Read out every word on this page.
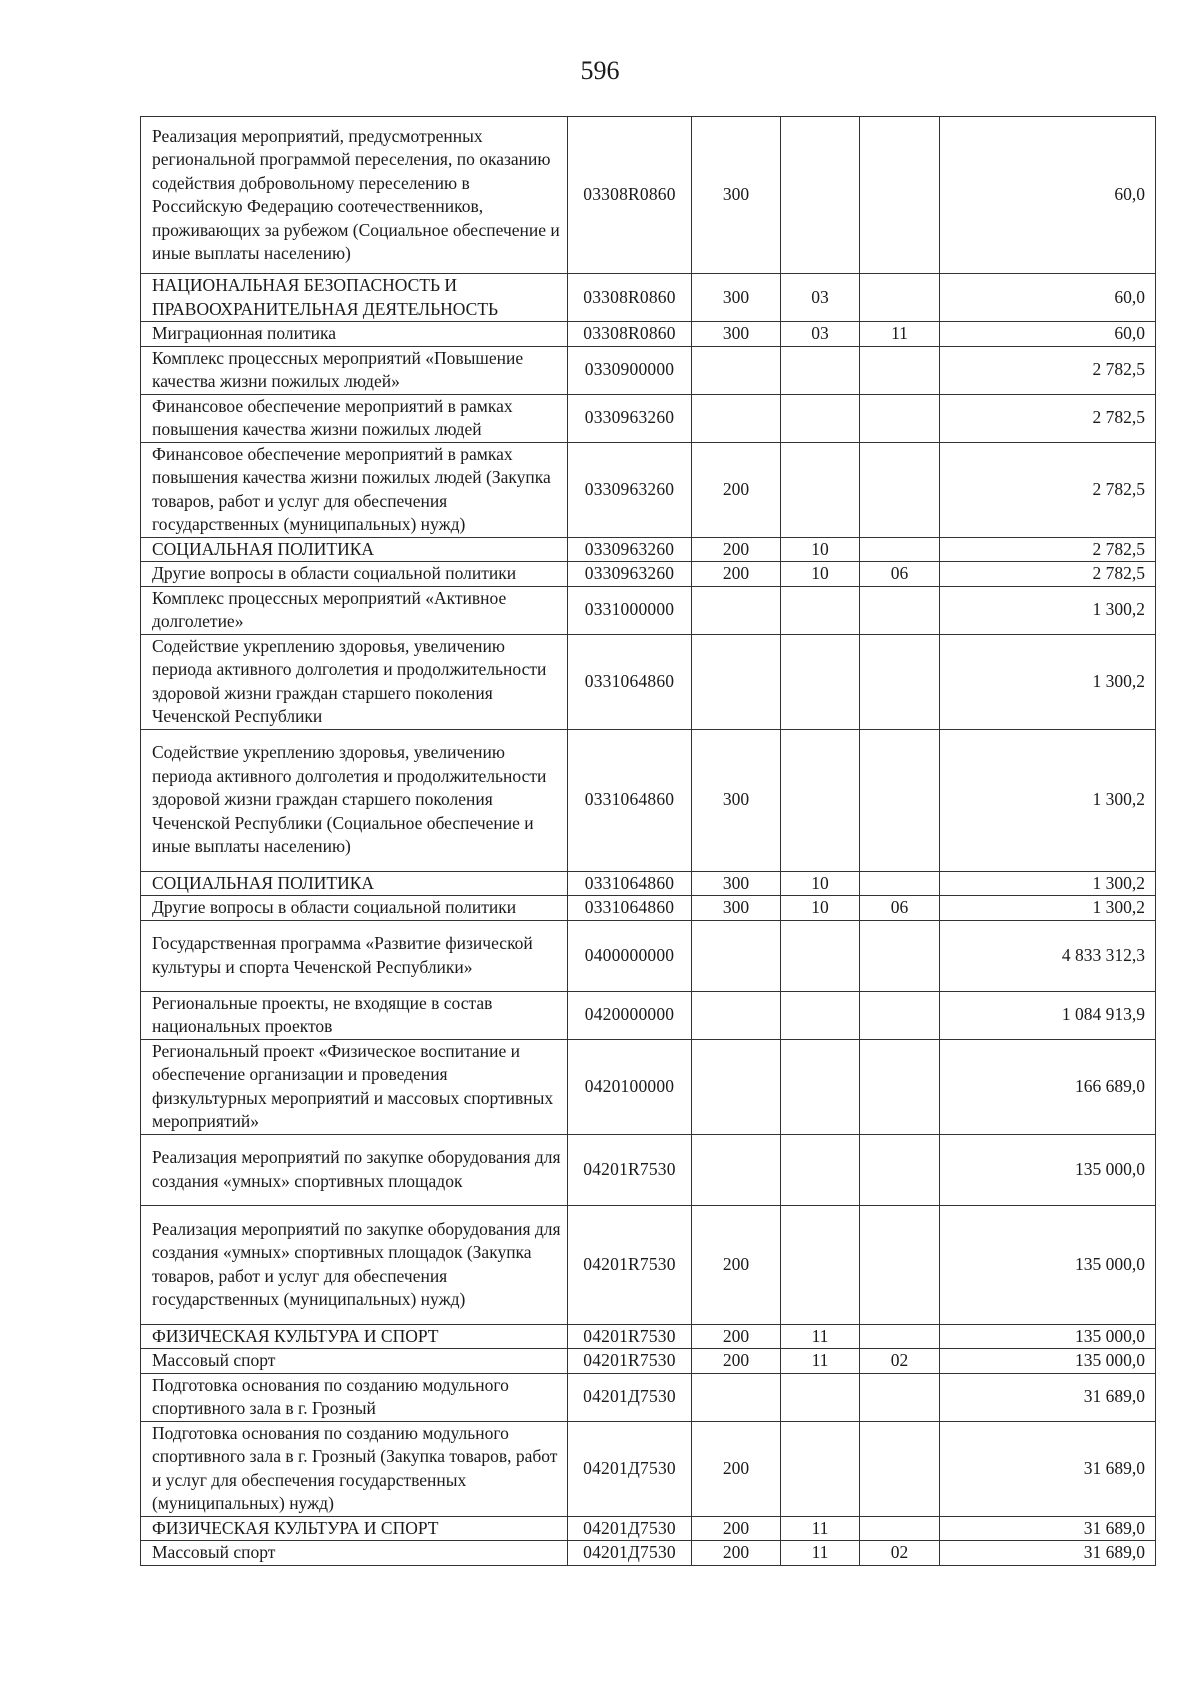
596
Реализация мероприятий, предусмотренных региональной программой переселения, по оказанию содействия добровольному переселению в Российскую Федерацию соотечественников, проживающих за рубежом (Социальное обеспечение и иные выплаты населению)	03308R0860	300			60,0
НАЦИОНАЛЬНАЯ БЕЗОПАСНОСТЬ И ПРАВООХРАНИТЕЛЬНАЯ ДЕЯТЕЛЬНОСТЬ	03308R0860	300	03		60,0
Миграционная политика	03308R0860	300	03	11	60,0
Комплекс процессных мероприятий «Повышение качества жизни пожилых людей»	0330900000				2 782,5
Финансовое обеспечение мероприятий в рамках повышения качества жизни пожилых людей	0330963260				2 782,5
Финансовое обеспечение мероприятий в рамках повышения качества жизни пожилых людей (Закупка товаров, работ и услуг для обеспечения государственных (муниципальных) нужд)	0330963260	200			2 782,5
СОЦИАЛЬНАЯ ПОЛИТИКА	0330963260	200	10		2 782,5
Другие вопросы в области социальной политики	0330963260	200	10	06	2 782,5
Комплекс процессных мероприятий «Активное долголетие»	0331000000				1 300,2
Содействие укреплению здоровья, увеличению периода активного долголетия и продолжительности здоровой жизни граждан старшего поколения Чеченской Республики	0331064860				1 300,2
Содействие укреплению здоровья, увеличению периода активного долголетия и продолжительности здоровой жизни граждан старшего поколения Чеченской Республики (Социальное обеспечение и иные выплаты населению)	0331064860	300			1 300,2
СОЦИАЛЬНАЯ ПОЛИТИКА	0331064860	300	10		1 300,2
Другие вопросы в области социальной политики	0331064860	300	10	06	1 300,2
Государственная программа «Развитие физической культуры и спорта Чеченской Республики»	0400000000				4 833 312,3
Региональные проекты, не входящие в состав национальных проектов	0420000000				1 084 913,9
Региональный проект «Физическое воспитание и обеспечение организации и проведения физкультурных мероприятий и массовых спортивных мероприятий»	0420100000				166 689,0
Реализация мероприятий по закупке оборудования для создания «умных» спортивных площадок	04201R7530				135 000,0
Реализация мероприятий по закупке оборудования для создания «умных» спортивных площадок (Закупка товаров, работ и услуг для обеспечения государственных (муниципальных) нужд)	04201R7530	200			135 000,0
ФИЗИЧЕСКАЯ КУЛЬТУРА И СПОРТ	04201R7530	200	11		135 000,0
Массовый спорт	04201R7530	200	11	02	135 000,0
Подготовка основания по созданию модульного спортивного зала в г. Грозный	04201Д7530				31 689,0
Подготовка основания по созданию модульного спортивного зала в г. Грозный (Закупка товаров, работ и услуг для обеспечения государственных (муниципальных) нужд)	04201Д7530	200			31 689,0
ФИЗИЧЕСКАЯ КУЛЬТУРА И СПОРТ	04201Д7530	200	11		31 689,0
Массовый спорт	04201Д7530	200	11	02	31 689,0
